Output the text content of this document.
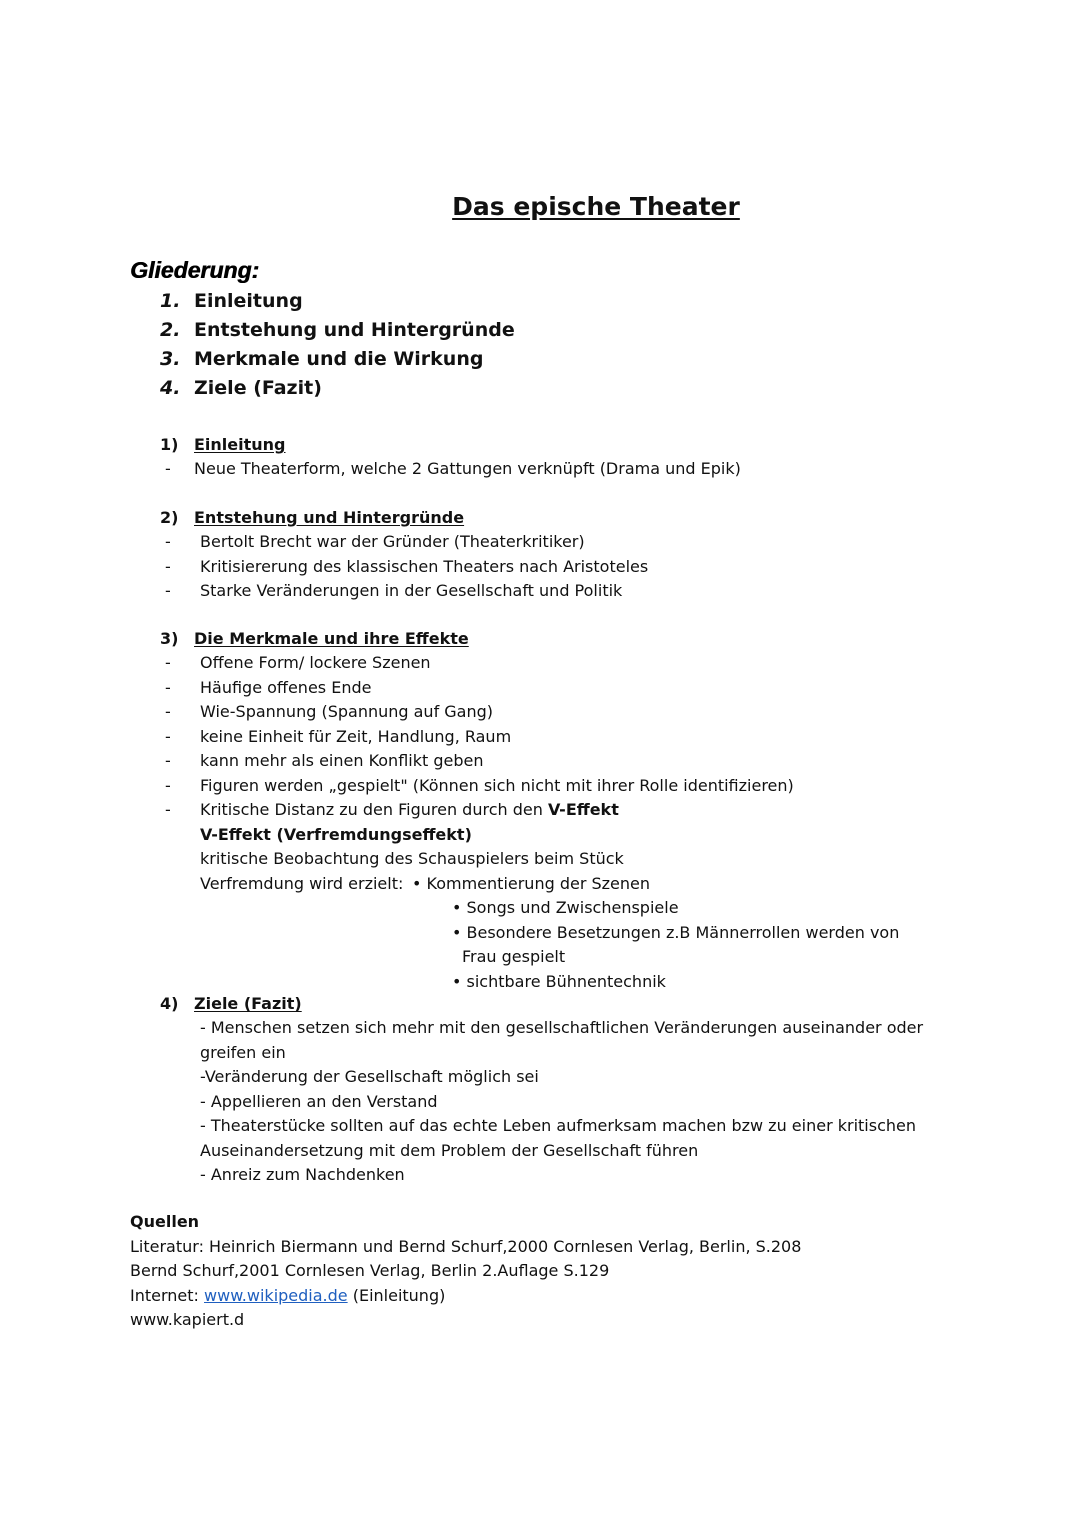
Das epische Theater
Gliederung:
1. Einleitung
2. Entstehung und Hintergründe
3. Merkmale und die Wirkung
4. Ziele (Fazit)
1) Einleitung
- Neue Theaterform, welche 2 Gattungen verknüpft (Drama und Epik)
2) Entstehung und Hintergründe
- Bertolt Brecht war der Gründer (Theaterkritiker)
- Kritisiererung des klassischen Theaters nach Aristoteles
- Starke Veränderungen in der Gesellschaft und Politik
3) Die Merkmale und ihre Effekte
- Offene Form/ lockere Szenen
- Häufige offenes Ende
- Wie-Spannung (Spannung auf Gang)
- keine Einheit für Zeit, Handlung, Raum
- kann mehr als einen Konflikt geben
- Figuren werden „gespielt" (Können sich nicht mit ihrer Rolle identifizieren)
- Kritische Distanz zu den Figuren durch den V-Effekt
V-Effekt (Verfremdungseffekt)
kritische Beobachtung des Schauspielers beim Stück
Verfremdung wird erzielt: • Kommentierung der Szenen
• Songs und Zwischenspiele
• Besondere Besetzungen z.B Männerrollen werden von
Frau gespielt
• sichtbare Bühnentechnik
4) Ziele (Fazit)
- Menschen setzen sich mehr mit den gesellschaftlichen Veränderungen auseinander oder
greifen ein
-Veränderung der Gesellschaft möglich sei
- Appellieren an den Verstand
- Theaterstücke sollten auf das echte Leben aufmerksam machen bzw zu einer kritischen
Auseinandersetzung mit dem Problem der Gesellschaft führen
- Anreiz zum Nachdenken
Quellen
Literatur: Heinrich Biermann und Bernd Schurf,2000 Cornlesen Verlag, Berlin, S.208
Bernd Schurf,2001 Cornlesen Verlag, Berlin 2.Auflage S.129
Internet: www.wikipedia.de (Einleitung)
www.kapiert.d
